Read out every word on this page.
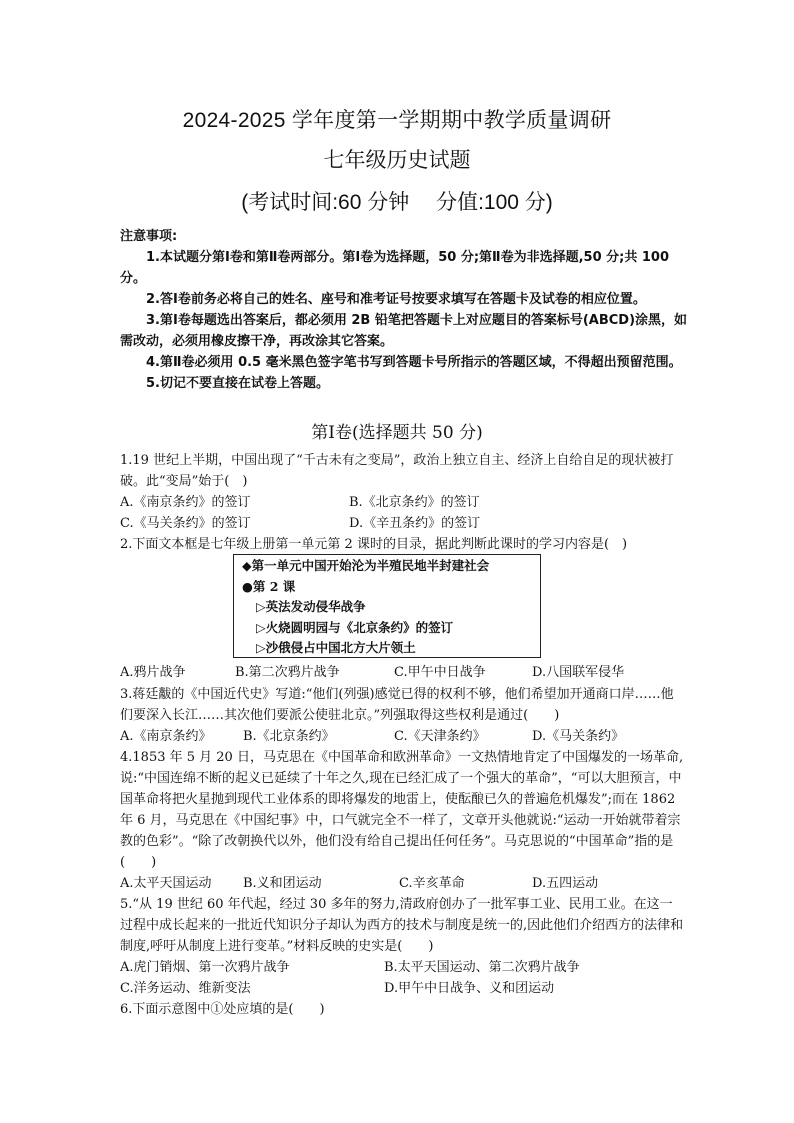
2024-2025 学年度第一学期期中教学质量调研
七年级历史试题
(考试时间:60 分钟　 分值:100 分)

注意事项:

1.本试题分第Ⅰ卷和第Ⅱ卷两部分。第Ⅰ卷为选择题，50 分;第Ⅱ卷为非选择题,50 分;共 100 分。

2.答Ⅰ卷前务必将自己的姓名、座号和准考证号按要求填写在答题卡及试卷的相应位置。

3.第Ⅰ卷每题选出答案后，都必须用 2B 铅笔把答题卡上对应题目的答案标号(ABCD)涂黑，如需改动，必须用橡皮擦干净，再改涂其它答案。

4.第Ⅱ卷必须用 0.5 毫米黑色签字笔书写到答题卡号所指示的答题区域，不得超出预留范围。

5.切记不要直接在试卷上答题。

第Ⅰ卷(选择题共 50 分)

1.19 世纪上半期，中国出现了“千古未有之变局”，政治上独立自主、经济上自给自足的现状被打破。此“变局”始于(　)

A.《南京条约》的签订	B.《北京条约》的签订
C.《马关条约》的签订	D.《辛丑条约》的签订

2.下面文本框是七年级上册第一单元第 2 课时的目录，据此判断此课时的学习内容是(　)

◆第一单元中国开始沦为半殖民地半封建社会
●第 2 课
▷英法发动侵华战争
▷火烧圆明园与《北京条约》的签订
▷沙俄侵占中国北方大片领土
A.鸦片战争	B.第二次鸦片战争	C.甲午中日战争	D.八国联军侵华

3.蒋廷黻的《中国近代史》写道:“他们(列强)感觉已得的权利不够，他们希望加开通商口岸……他们要深入长江……其次他们要派公使驻北京。”列强取得这些权利是通过(　　)

A.《南京条约》 B.《北京条约》	C.《天津条约》	D.《马关条约》

4.1853 年 5 月 20 日，马克思在《中国革命和欧洲革命》一文热情地肯定了中国爆发的一场革命,说:“中国连绵不断的起义已延续了十年之久,现在已经汇成了一个强大的革命”，“可以大胆预言，中国革命将把火星抛到现代工业体系的即将爆发的地雷上，使酝酿已久的普遍危机爆发”;而在 1862 年 6 月，马克思在《中国纪事》中，口气就完全不一样了，文章开头他就说:“运动一开始就带着宗教的色彩”。“除了改朝换代以外，他们没有给自己提出任何任务”。马克思说的“中国革命”指的是(　　)

A.太平天国运动 B.义和团运动	C.辛亥革命	D.五四运动

5.“从 19 世纪 60 年代起，经过 30 多年的努力,清政府创办了一批军事工业、民用工业。在这一过程中成长起来的一批近代知识分子却认为西方的技术与制度是统一的,因此他们介绍西方的法律和制度,呼吁从制度上进行变革。”材料反映的史实是(　　)

A.虎门销烟、第一次鸦片战争	B.太平天国运动、第二次鸦片战争
C.洋务运动、维新变法	D.甲午中日战争、义和团运动

6.下面示意图中①处应填的是(　　)
